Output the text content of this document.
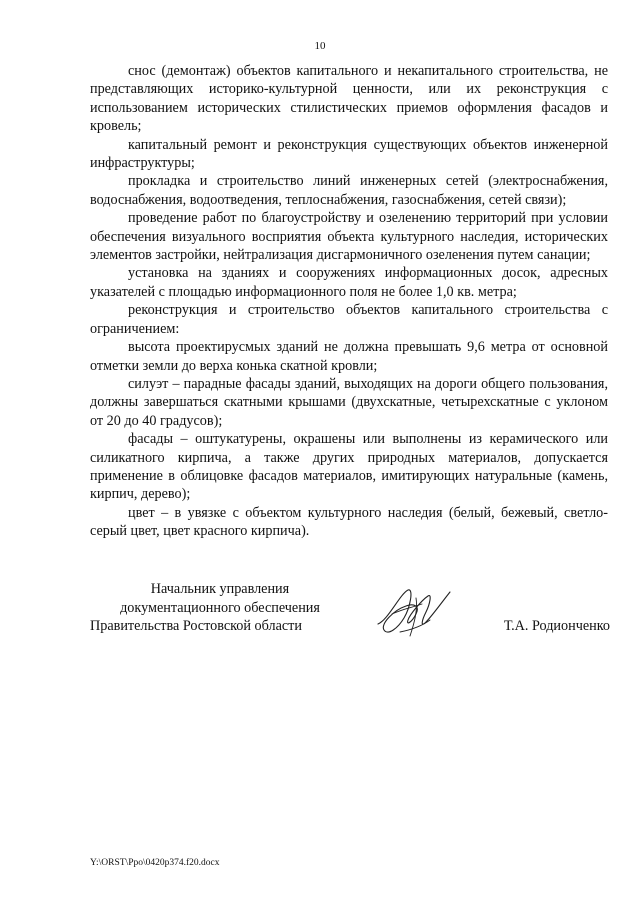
10

снос (демонтаж) объектов капитального и некапитального строительства, не представляющих историко-культурной ценности, или их реконструкция с использованием исторических стилистических приемов оформления фасадов и кровель;

капитальный ремонт и реконструкция существующих объектов инженерной инфраструктуры;

прокладка и строительство линий инженерных сетей (электроснабжения, водоснабжения, водоотведения, теплоснабжения, газоснабжения, сетей связи);

проведение работ по благоустройству и озеленению территорий при условии обеспечения визуального восприятия объекта культурного наследия, исторических элементов застройки, нейтрализация дисгармоничного озеленения путем санации;

установка на зданиях и сооружениях информационных досок, адресных указателей с площадью информационного поля не более 1,0 кв. метра;

реконструкция и строительство объектов капитального строительства с ограничением:

высота проектирусмых зданий не должна превышать 9,6 метра от основной отметки земли до верха конька скатной кровли;

силуэт – парадные фасады зданий, выходящих на дороги общего пользования, должны завершаться скатными крышами (двухскатные, четырехскатные с уклоном от 20 до 40 градусов);

фасады – оштукатурены, окрашены или выполнены из керамического или силикатного кирпича, а также других природных материалов, допускается применение в облицовке фасадов материалов, имитирующих натуральные (камень, кирпич, дерево);

цвет – в увязке с объектом культурного наследия (белый, бежевый, светло-серый цвет, цвет красного кирпича).

Начальник управления
документационного обеспечения
Правительства Ростовской области	Т.А. Родионченко
Y:\ORST\Ppo\0420p374.f20.docx
